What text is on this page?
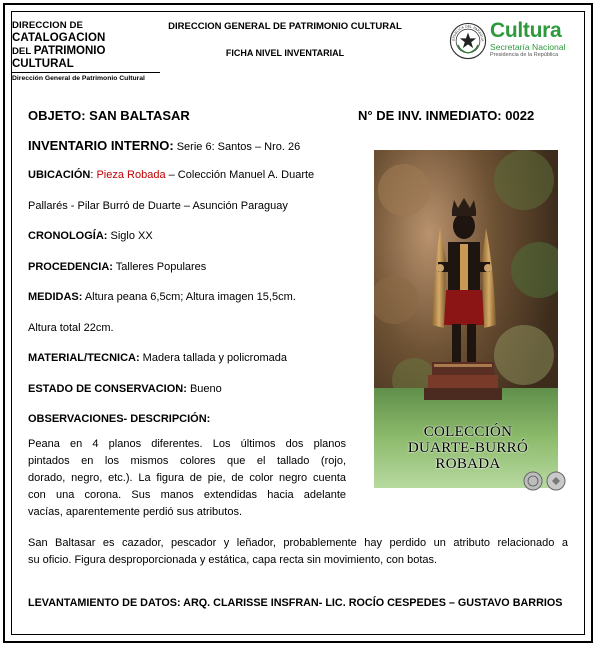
DIRECCION DE CATALOGACION
DEL PATRIMONIO CULTURAL
Dirección General de Patrimonio Cultural
DIRECCION GENERAL DE PATRIMONIO CULTURAL
FICHA NIVEL INVENTARIAL
EPÚBLICA DEL PARAGUA Cultura
Secretaría Nacional
Presidencia de la República
OBJETO: SAN BALTASAR	N° DE INV. INMEDIATO: 0022
INVENTARIO INTERNO: Serie 6: Santos – Nro. 26
UBICACIÓN: Pieza Robada – Colección Manuel A. Duarte
Pallarés - Pilar Burró de Duarte – Asunción Paraguay
CRONOLOGÍA: Siglo XX
PROCEDENCIA: Talleres Populares
MEDIDAS: Altura peana 6,5cm; Altura imagen 15,5cm.
Altura total 22cm.
MATERIAL/TECNICA: Madera tallada y policromada
ESTADO DE CONSERVACION: Bueno
OBSERVACIONES- DESCRIPCIÓN:
Peana en 4 planos diferentes. Los últimos dos planos
pintados en los mismos colores que el tallado (rojo,
dorado, negro, etc.). La figura de pie, de color negro cuenta
con una corona. Sus manos extendidas hacia adelante
vacías, aparentemente perdió sus atributos.
San Baltasar es cazador, pescador y leñador, probablemente hay perdido un atributo relacionado a
su oficio. Figura desproporcionada y estática, capa recta sin movimiento, con botas.
LEVANTAMIENTO DE DATOS: ARQ. CLARISSE INSFRAN- LIC. ROCÍO CESPEDES – GUSTAVO BARRIOS
COLECCIÓN
DUARTE-BURRÓ
ROBADA
